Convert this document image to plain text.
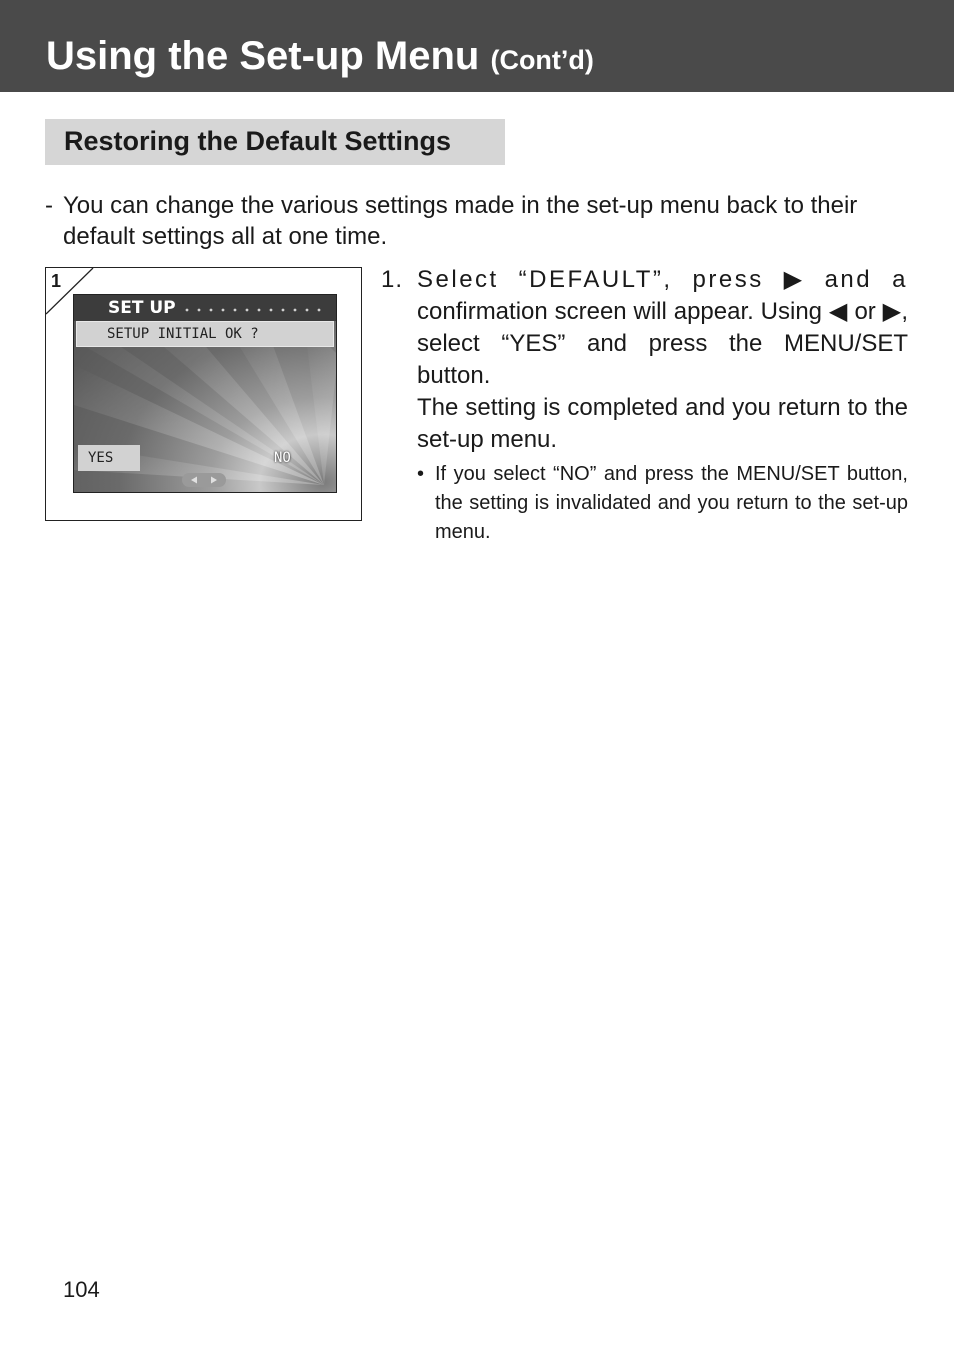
Using the Set-up Menu (Cont’d)
Restoring the Default Settings
- You can change the various settings made in the set-up menu back to their default settings all at one time.
1
SET UP
SETUP INITIAL OK ?
YES	NO
1. Select “DEFAULT”, press ▶ and a
confirmation screen will appear. Using ◀ or ▶, select “YES” and press the MENU/SET button.
The setting is completed and you return to the set-up menu.
• If you select “NO” and press the MENU/SET button, the setting is invalidated and you return to the set-up menu.
104
